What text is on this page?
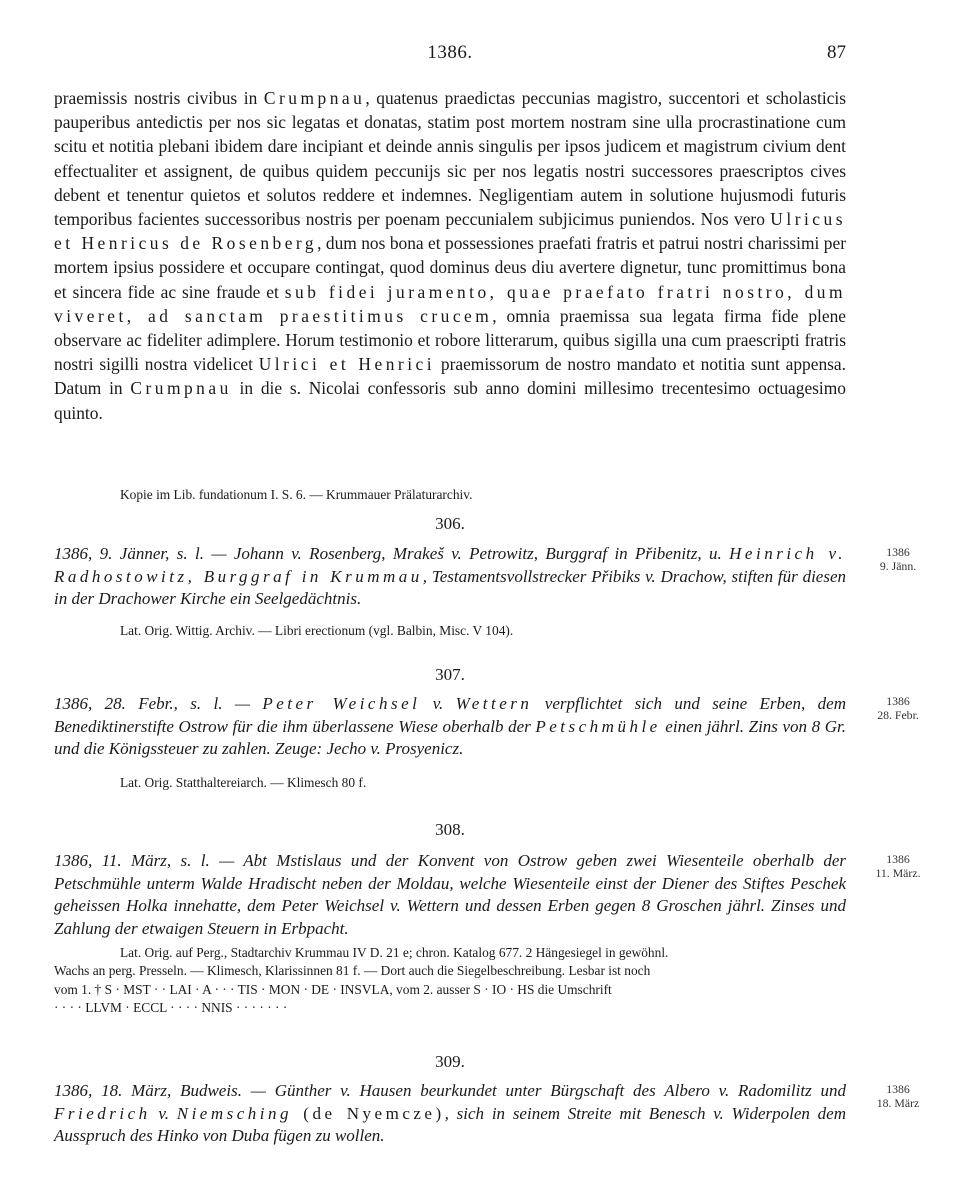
1386.	87

praemissis nostris civibus in Crumpnau, quatenus praedictas peccunias magistro, succentori et scholasticis pauperibus antedictis per nos sic legatas et donatas, statim post mortem nostram sine ulla procrastinatione cum scitu et notitia plebani ibidem dare incipiant et deinde annis singulis per ipsos judicem et magistrum civium dent effectualiter et assignent, de quibus quidem peccunijs sic per nos legatis nostri successores praescriptos cives debent et tenentur quietos et solutos reddere et indemnes. Negligentiam autem in solutione hujusmodi futuris temporibus facientes successoribus nostris per poenam peccunialem subjicimus puniendos. Nos vero Ulricus et Henricus de Rosenberg, dum nos bona et possessiones praefati fratris et patrui nostri charissimi per mortem ipsius possidere et occupare contingat, quod dominus deus diu avertere dignetur, tunc promittimus bona et sincera fide ac sine fraude et sub fidei juramento, quae praefato fratri nostro, dum viveret, ad sanctam praestitimus crucem, omnia praemissa sua legata firma fide plene observare ac fideliter adimplere. Horum testimonio et robore litterarum, quibus sigilla una cum praescripti fratris nostri sigilli nostra videlicet Ulrici et Henrici praemissorum de nostro mandato et notitia sunt appensa. Datum in Crumpnau in die s. Nicolai confessoris sub anno domini millesimo trecentesimo octuagesimo quinto.

Kopie im Lib. fundationum I. S. 6. — Krummauer Prälaturarchiv.
306.
1386, 9. Jänner, s. l. — Johann v. Rosenberg, Mrakeš v. Petrowitz, Burggraf in Přibenitz, u. Heinrich v. Radhostowitz, Burggraf in Krummau, Testamentsvollstrecker Přibiks v. Drachow, stiften für diesen in der Drachower Kirche ein Seelgedächtnis.
1386
9. Jänn.
Lat. Orig. Wittig. Archiv. — Libri erectionum (vgl. Balbin, Misc. V 104).
307.
1386, 28. Febr., s. l. — Peter Weichsel v. Wettern verpflichtet sich und seine Erben, dem Benediktinerstifte Ostrow für die ihm überlassene Wiese oberhalb der Petschmühle einen jährl. Zins von 8 Gr. und die Königssteuer zu zahlen. Zeuge: Jecho v. Prosyenicz.
1386
28. Febr.
Lat. Orig. Statthaltereiarch. — Klimesch 80 f.
308.
1386, 11. März, s. l. — Abt Mstislaus und der Konvent von Ostrow geben zwei Wiesenteile oberhalb der Petschmühle unterm Walde Hradischt neben der Moldau, welche Wiesenteile einst der Diener des Stiftes Peschek geheissen Holka innehatte, dem Peter Weichsel v. Wettern und dessen Erben gegen 8 Groschen jährl. Zinses und Zahlung der etwaigen Steuern in Erbpacht.
1386
11. März.
Lat. Orig. auf Perg., Stadtarchiv Krummau IV D. 21 e; chron. Katalog 677. 2 Hängesiegel in gewöhnl.
Wachs an perg. Presseln. — Klimesch, Klarissinnen 81 f. — Dort auch die Siegelbeschreibung. Lesbar ist noch
vom 1. † S · MST · · LAI · A · · · TIS · MON · DE · INSVLA, vom 2. ausser S · IO · HS die Umschrift
· · · · LLVM · ECCL · · · · NNIS · · · · · · ·
309.
1386, 18. März, Budweis. — Günther v. Hausen beurkundet unter Bürgschaft des Albero v. Radomilitz und Friedrich v. Niemsching (de Nyemcze), sich in seinem Streite mit Benesch v. Widerpolen dem Ausspruch des Hinko von Duba fügen zu wollen.
1386
18. März
